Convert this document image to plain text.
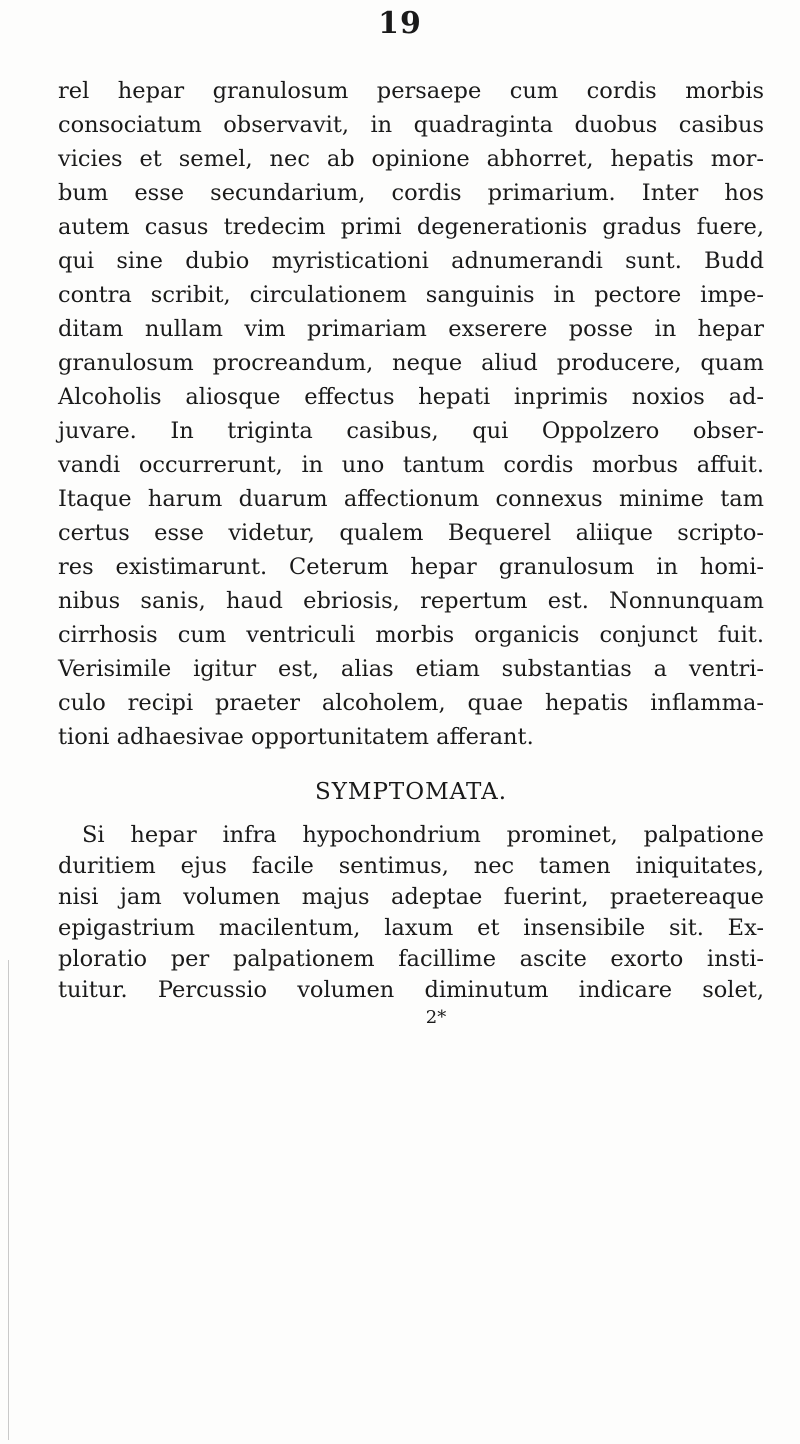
19
rel hepar granulosum persaepe cum cordis morbis
consociatum observavit, in quadraginta duobus casibus
vicies et semel, nec ab opinione abhorret, hepatis mor-
bum esse secundarium, cordis primarium. Inter hos
autem casus tredecim primi degenerationis gradus fuere,
qui sine dubio myristicationi adnumerandi sunt. Budd
contra scribit, circulationem sanguinis in pectore impe-
ditam nullam vim primariam exserere posse in hepar
granulosum procreandum, neque aliud producere, quam
Alcoholis aliosque effectus hepati inprimis noxios ad-
juvare. In triginta casibus, qui Oppolzero obser-
vandi occurrerunt, in uno tantum cordis morbus affuit.
Itaque harum duarum affectionum connexus minime tam
certus esse videtur, qualem Bequerel aliique scripto-
res existimarunt. Ceterum hepar granulosum in homi-
nibus sanis, haud ebriosis, repertum est. Nonnunquam
cirrhosis cum ventriculi morbis organicis conjunct fuit.
Verisimile igitur est, alias etiam substantias a ventri-
culo recipi praeter alcoholem, quae hepatis inflamma-
tioni adhaesivae opportunitatem afferant.
SYMPTOMATA.
Si hepar infra hypochondrium prominet, palpatione
duritiem ejus facile sentimus, nec tamen iniquitates,
nisi jam volumen majus adeptae fuerint, praetereaque
epigastrium macilentum, laxum et insensibile sit. Ex-
ploratio per palpationem facillime ascite exorto insti-
tuitur. Percussio volumen diminutum indicare solet,
2*
